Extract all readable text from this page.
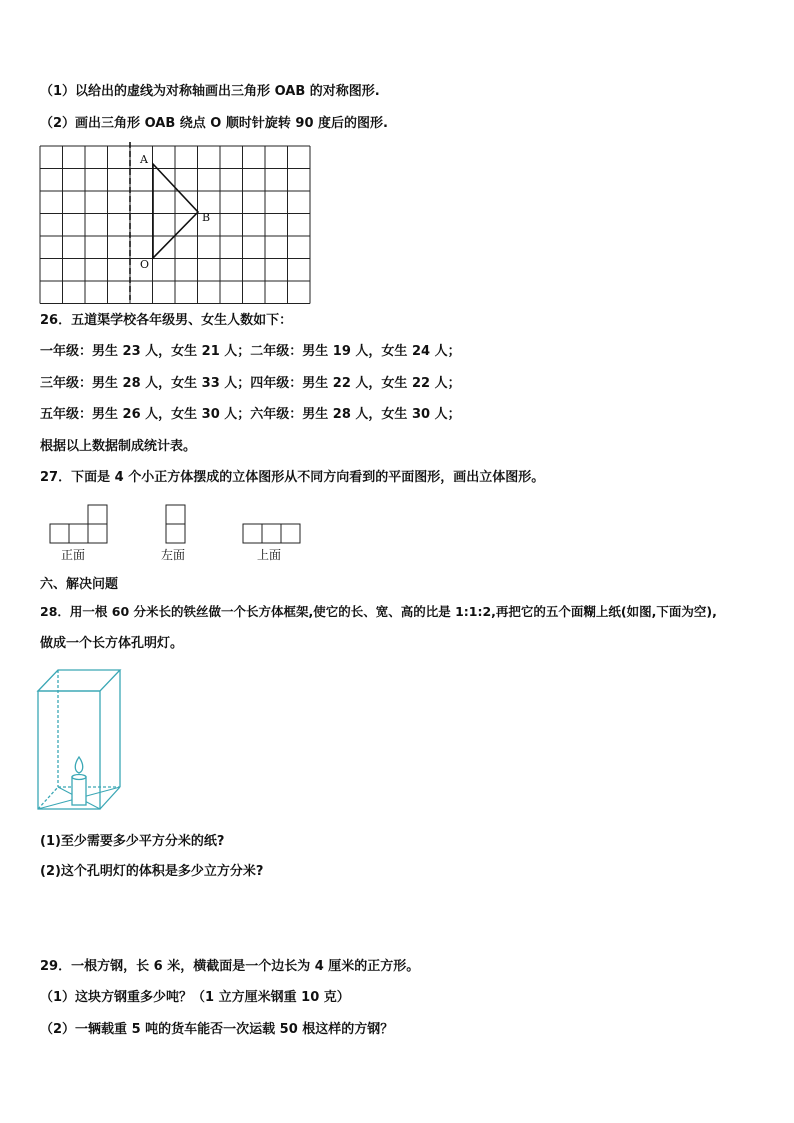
（1）以给出的虚线为对称轴画出三角形 OAB 的对称图形.
（2）画出三角形 OAB 绕点 O 顺时针旋转 90 度后的图形.
A
B
O
26．五道渠学校各年级男、女生人数如下：
一年级：男生 23 人，女生 21 人；二年级：男生 19 人，女生 24 人；
三年级：男生 28 人，女生 33 人；四年级：男生 22 人，女生 22 人；
五年级：男生 26 人，女生 30 人；六年级：男生 28 人，女生 30 人；
根据以上数据制成统计表。
27．下面是 4 个小正方体摆成的立体图形从不同方向看到的平面图形，画出立体图形。
正面	左面	上面
六、解决问题
28．用一根 60 分米长的铁丝做一个长方体框架,使它的长、宽、高的比是 1:1:2,再把它的五个面糊上纸(如图,下面为空),
做成一个长方体孔明灯。
(1)至少需要多少平方分米的纸?
(2)这个孔明灯的体积是多少立方分米?
29．一根方钢，长 6 米，横截面是一个边长为 4 厘米的正方形。
（1）这块方钢重多少吨？（1 立方厘米钢重 10 克）
（2）一辆载重 5 吨的货车能否一次运载 50 根这样的方钢？
